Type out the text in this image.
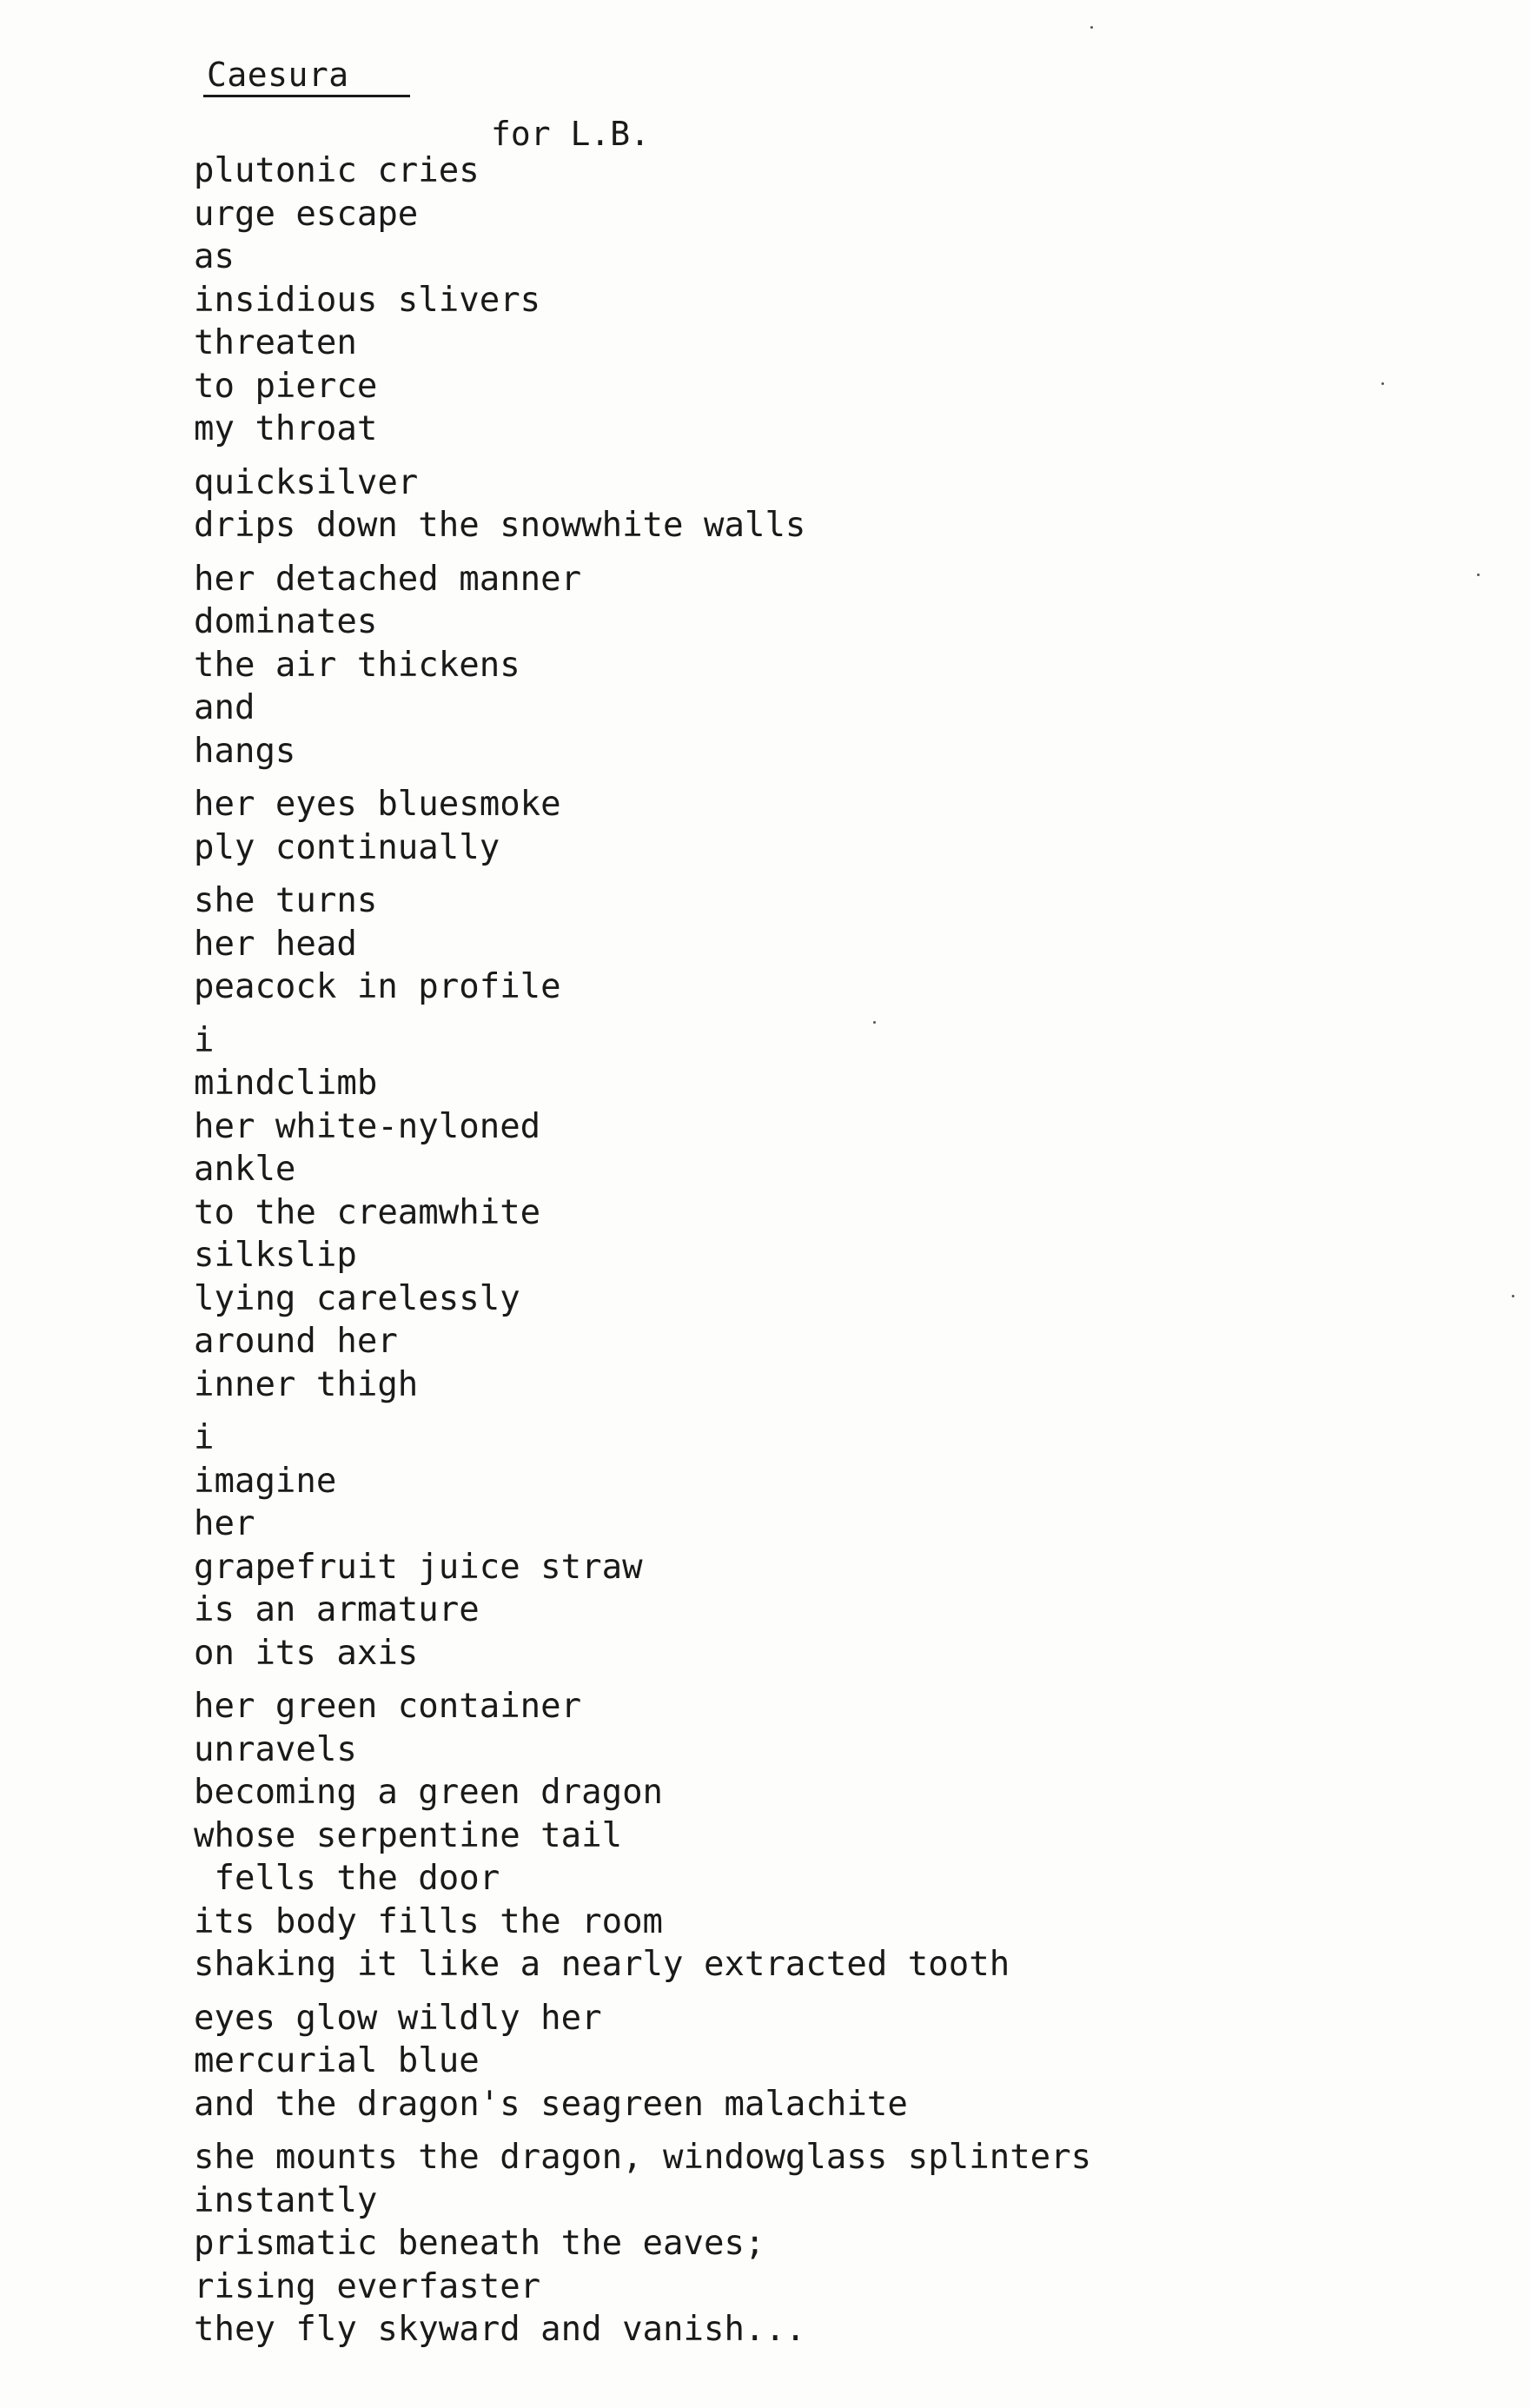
Caesura
for L.B.
plutonic cries
urge escape
as
insidious slivers
threaten
to pierce
my throat
quicksilver
drips down the snowwhite walls
her detached manner
dominates
the air thickens
and
hangs
her eyes bluesmoke
ply continually
she turns
her head
peacock in profile
i
mindclimb
her white-nyloned
ankle
to the creamwhite
silkslip
lying carelessly
around her
inner thigh
i
imagine
her
grapefruit juice straw
is an armature
on its axis
her green container
unravels
becoming a green dragon
whose serpentine tail
fells the door
its body fills the room
shaking it like a nearly extracted tooth
eyes glow wildly her
mercurial blue
and the dragon's seagreen malachite
she mounts the dragon, windowglass splinters
instantly
prismatic beneath the eaves;
rising everfaster
they fly skyward and vanish...
